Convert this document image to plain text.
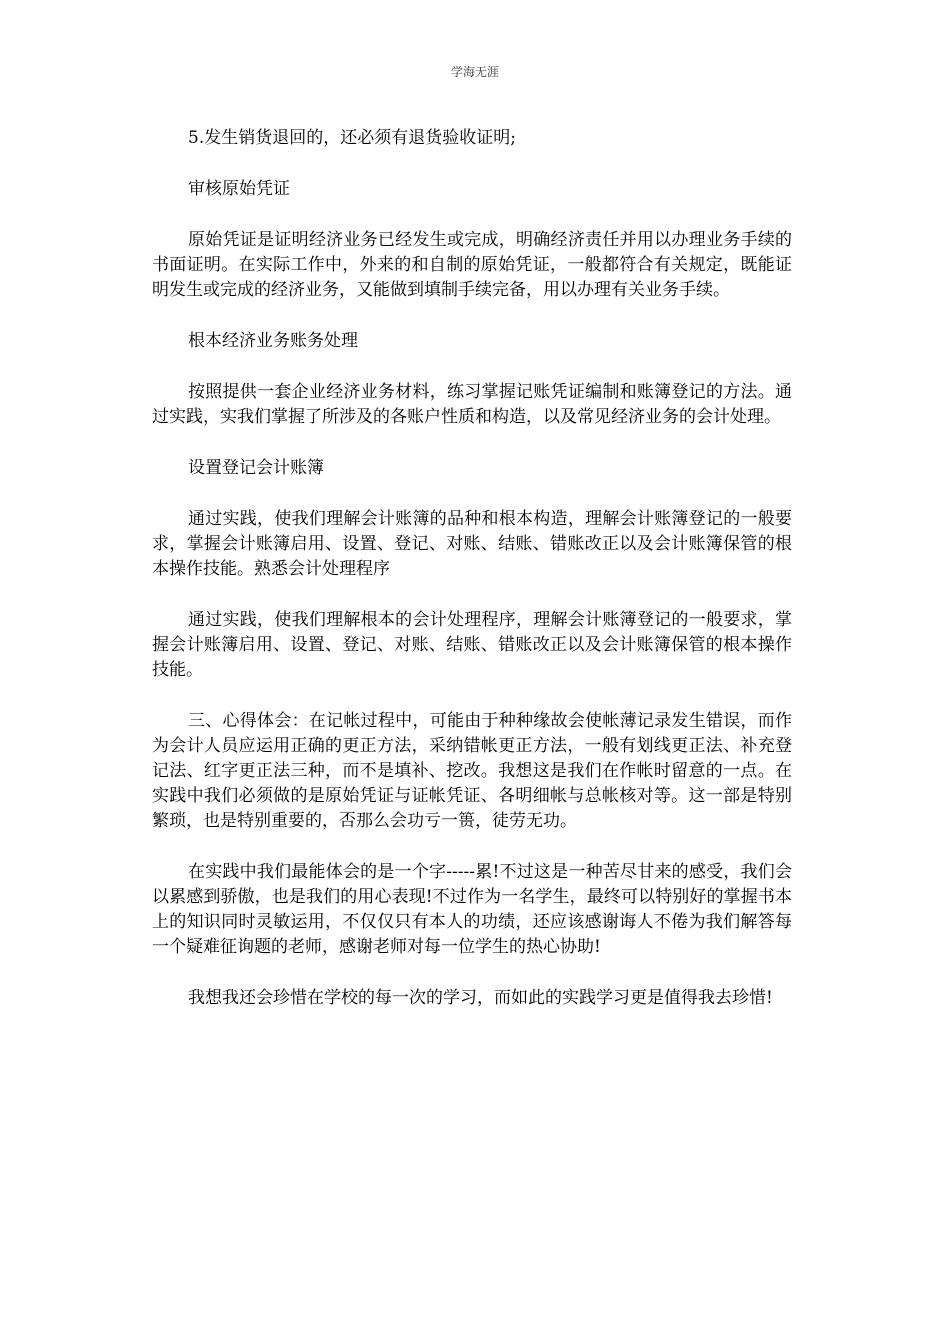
学海无涯

5.发生销货退回的，还必须有退货验收证明;

审核原始凭证

原始凭证是证明经济业务已经发生或完成，明确经济责任并用以办理业务手续的书面证明。在实际工作中，外来的和自制的原始凭证，一般都符合有关规定，既能证明发生或完成的经济业务，又能做到填制手续完备，用以办理有关业务手续。

根本经济业务账务处理

按照提供一套企业经济业务材料，练习掌握记账凭证编制和账簿登记的方法。通过实践，实我们掌握了所涉及的各账户性质和构造，以及常见经济业务的会计处理。

设置登记会计账簿

通过实践，使我们理解会计账簿的品种和根本构造，理解会计账簿登记的一般要求，掌握会计账簿启用、设置、登记、对账、结账、错账改正以及会计账簿保管的根本操作技能。熟悉会计处理程序

通过实践，使我们理解根本的会计处理程序，理解会计账簿登记的一般要求，掌握会计账簿启用、设置、登记、对账、结账、错账改正以及会计账簿保管的根本操作技能。

三、心得体会：在记帐过程中，可能由于种种缘故会使帐薄记录发生错误，而作为会计人员应运用正确的更正方法，采纳错帐更正方法，一般有划线更正法、补充登记法、红字更正法三种，而不是填补、挖改。我想这是我们在作帐时留意的一点。在实践中我们必须做的是原始凭证与证帐凭证、各明细帐与总帐核对等。这一部是特别繁琐，也是特别重要的，否那么会功亏一篑，徒劳无功。

在实践中我们最能体会的是一个字-----累!不过这是一种苦尽甘来的感受，我们会以累感到骄傲，也是我们的用心表现!不过作为一名学生，最终可以特别好的掌握书本上的知识同时灵敏运用，不仅仅只有本人的功绩，还应该感谢诲人不倦为我们解答每一个疑难征询题的老师，感谢老师对每一位学生的热心协助!

我想我还会珍惜在学校的每一次的学习，而如此的实践学习更是值得我去珍惜!
